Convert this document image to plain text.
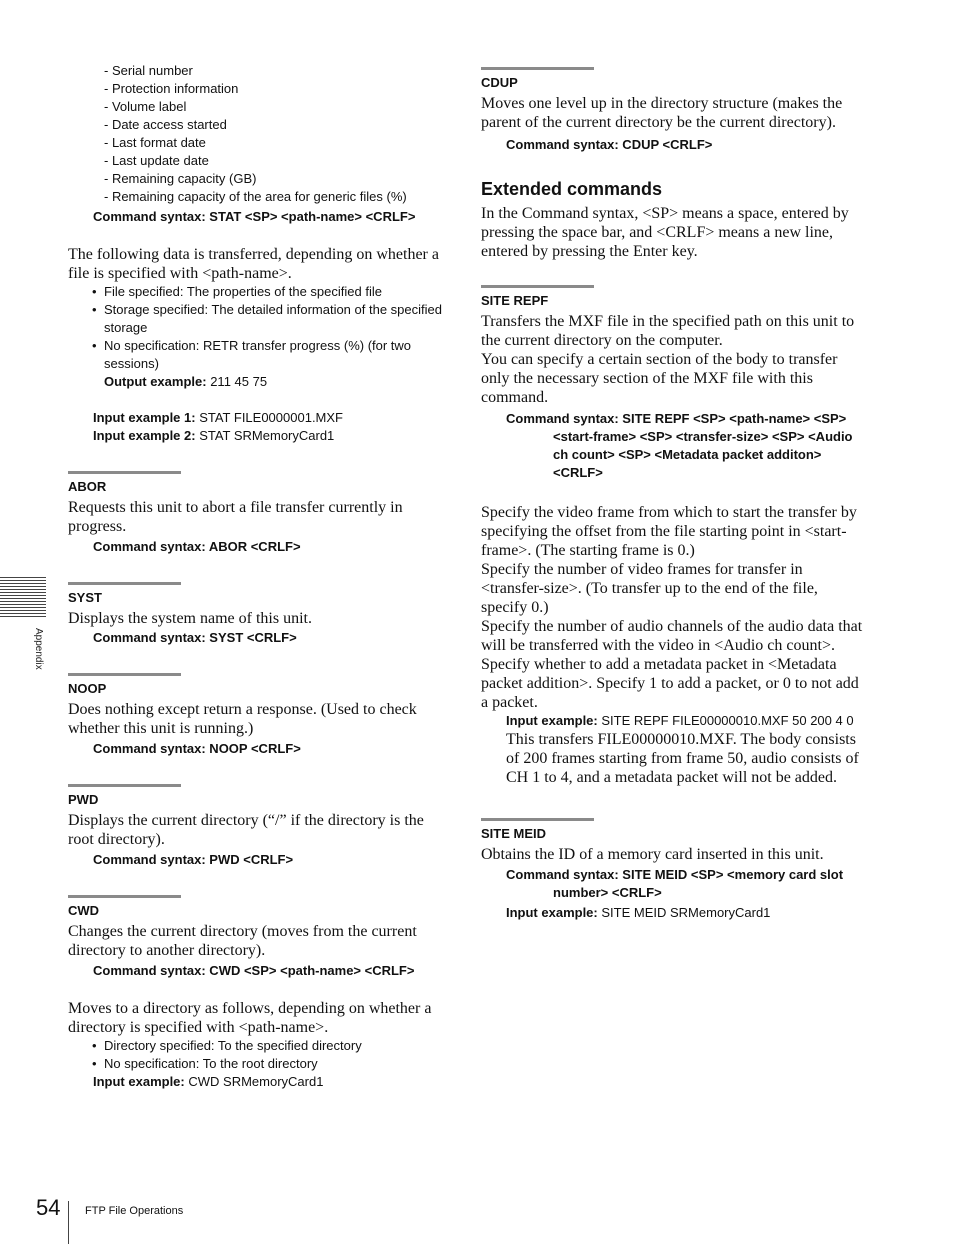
- Serial number
- Protection information
- Volume label
- Date access started
- Last format date
- Last update date
- Remaining capacity (GB)
- Remaining capacity of the area for generic files (%)
Command syntax: STAT <SP> <path-name> <CRLF>
The following data is transferred, depending on whether a file is specified with <path-name>.
• File specified: The properties of the specified file
• Storage specified: The detailed information of the specified storage
• No specification: RETR transfer progress (%) (for two sessions)
Output example: 211 45 75
Input example 1: STAT FILE0000001.MXF
Input example 2: STAT SRMemoryCard1
ABOR
Requests this unit to abort a file transfer currently in progress.
Command syntax: ABOR <CRLF>
SYST
Displays the system name of this unit.
Command syntax: SYST <CRLF>
NOOP
Does nothing except return a response. (Used to check whether this unit is running.)
Command syntax: NOOP <CRLF>
PWD
Displays the current directory (“/” if the directory is the root directory).
Command syntax: PWD <CRLF>
CWD
Changes the current directory (moves from the current directory to another directory).
Command syntax: CWD <SP> <path-name> <CRLF>
Moves to a directory as follows, depending on whether a directory is specified with <path-name>.
• Directory specified: To the specified directory
• No specification: To the root directory
Input example: CWD SRMemoryCard1
CDUP
Moves one level up in the directory structure (makes the parent of the current directory be the current directory).
Command syntax: CDUP <CRLF>
Extended commands
In the Command syntax, <SP> means a space, entered by pressing the space bar, and <CRLF> means a new line, entered by pressing the Enter key.
SITE REPF
Transfers the MXF file in the specified path on this unit to the current directory on the computer.
You can specify a certain section of the body to transfer only the necessary section of the MXF file with this command.
Command syntax: SITE REPF <SP> <path-name> <SP> <start-frame> <SP> <transfer-size> <SP> <Audio ch count> <SP> <Metadata packet additon> <CRLF>
Specify the video frame from which to start the transfer by specifying the offset from the file starting point in <start-frame>. (The starting frame is 0.)
Specify the number of video frames for transfer in <transfer-size>. (To transfer up to the end of the file, specify 0.)
Specify the number of audio channels of the audio data that will be transferred with the video in <Audio ch count>.
Specify whether to add a metadata packet in <Metadata packet addition>. Specify 1 to add a packet, or 0 to not add a packet.
Input example: SITE REPF FILE00000010.MXF 50 200 4 0
This transfers FILE00000010.MXF. The body consists of 200 frames starting from frame 50, audio consists of CH 1 to 4, and a metadata packet will not be added.
SITE MEID
Obtains the ID of a memory card inserted in this unit.
Command syntax: SITE MEID <SP> <memory card slot number> <CRLF>
Input example: SITE MEID SRMemoryCard1
Appendix
54 FTP File Operations
